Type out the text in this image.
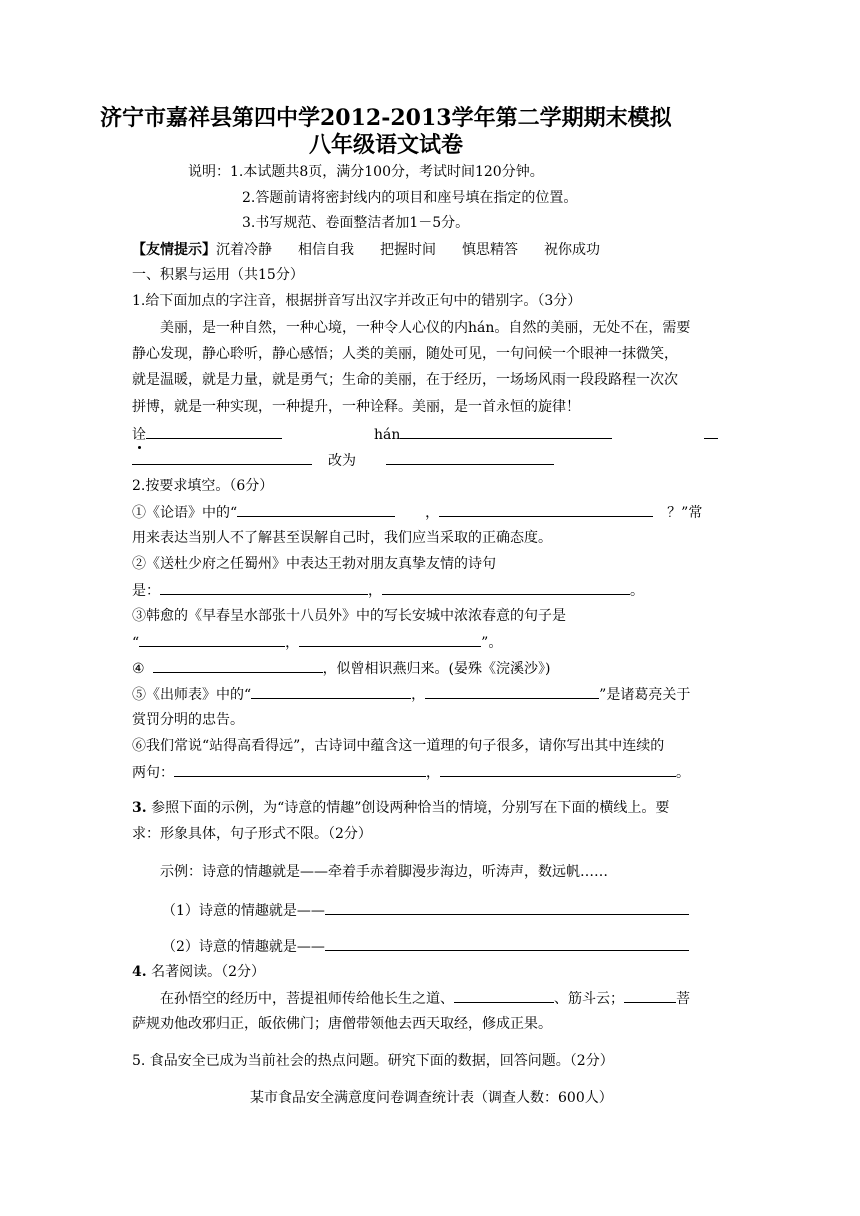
济宁市嘉祥县第四中学2012-2013学年第二学期期末模拟
八年级语文试卷
说明：1.本试题共8页，满分100分，考试时间120分钟。
2.答题前请将密封线内的项目和座号填在指定的位置。
3.书写规范、卷面整洁者加1－5分。
【友情提示】沉着冷静 相信自我 把握时间 慎思精答 祝你成功
一、积累与运用（共15分）
1.给下面加点的字注音，根据拼音写出汉字并改正句中的错别字。（3分）
美丽，是一种自然，一种心境，一种令人心仪的内hán。自然的美丽，无处不在，需要
静心发现，静心聆听，静心感悟；人类的美丽，随处可见，一句问候一个眼神一抹微笑，
就是温暖，就是力量，就是勇气；生命的美丽，在于经历，一场场风雨一段段路程一次次
拼博，就是一种实现，一种提升，一种诠释。美丽，是一首永恒的旋律！
诠	hán
改为
2.按要求填空。（6分）
①《论语》中的“	，	？”常
用来表达当别人不了解甚至误解自己时，我们应当采取的正确态度。
②《送杜少府之任蜀州》中表达王勃对朋友真挚友情的诗句
是：	，	。
③韩愈的《早春呈水部张十八员外》中的写长安城中浓浓春意的句子是
“	，	”。
④	，似曾相识燕归来。(晏殊《浣溪沙》)
⑤《出师表》中的“	，	”是诸葛亮关于
赏罚分明的忠告。
⑥我们常说“站得高看得远”，古诗词中蕴含这一道理的句子很多，请你写出其中连续的
两句：	，	。
3. 参照下面的示例，为“诗意的情趣”创设两种恰当的情境，分别写在下面的横线上。要
求：形象具体，句子形式不限。（2分）
示例：诗意的情趣就是——牵着手赤着脚漫步海边，听涛声，数远帆……
（1）诗意的情趣就是——
（2）诗意的情趣就是——
4. 名著阅读。（2分）
在孙悟空的经历中，菩提祖师传给他长生之道、	、筋斗云；	菩
萨规劝他改邪归正，皈依佛门；唐僧带领他去西天取经，修成正果。
5. 食品安全已成为当前社会的热点问题。研究下面的数据，回答问题。（2分）
某市食品安全满意度问卷调查统计表（调查人数：600人）
